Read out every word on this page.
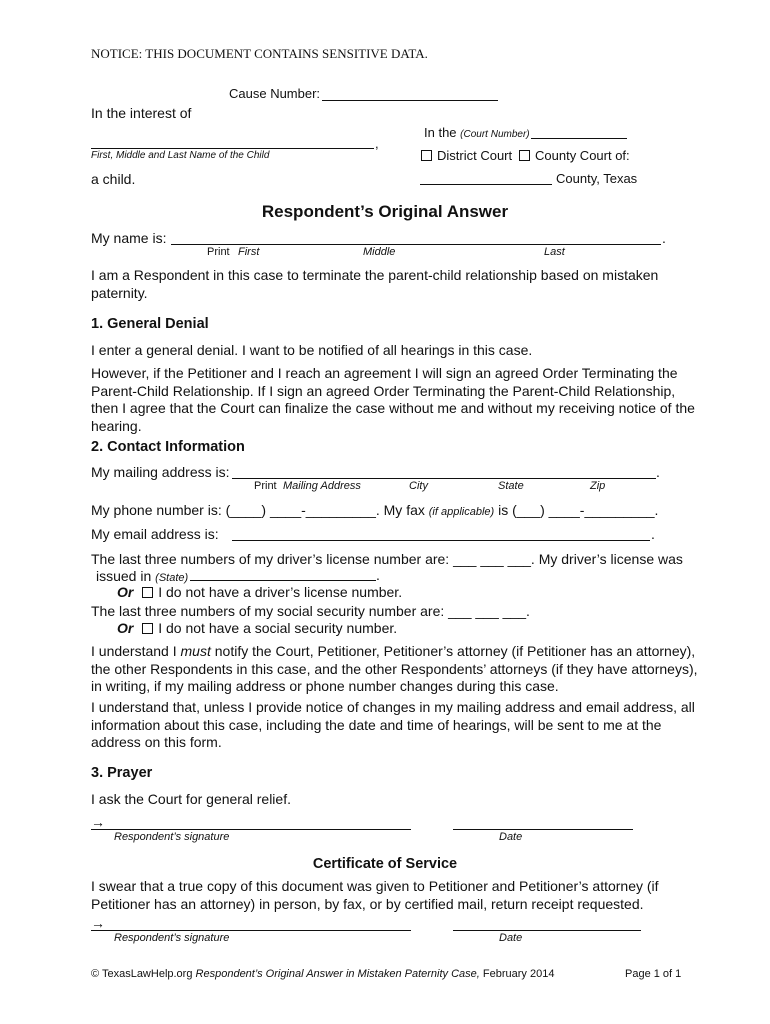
NOTICE: THIS DOCUMENT CONTAINS SENSITIVE DATA.
Cause Number:
In the interest of
In the (Court Number)
,
First, Middle and Last Name of the Child	District Court	County Court of:
a child.	County, Texas
Respondent’s Original Answer
My name is:	.
Print First	Middle	Last
I am a Respondent in this case to terminate the parent-child relationship based on mistaken paternity.
1. General Denial
I enter a general denial. I want to be notified of all hearings in this case.
However, if the Petitioner and I reach an agreement I will sign an agreed Order Terminating the Parent-Child Relationship. If I sign an agreed Order Terminating the Parent-Child Relationship, then I agree that the Court can finalize the case without me and without my receiving notice of the hearing.
2. Contact Information
My mailing address is:	.
Print Mailing Address	City	State	Zip
My phone number is: (____) ____-_________. My fax (if applicable) is (___) ____-_________.
My email address is:	.
The last three numbers of my driver’s license number are: ___ ___ ___. My driver’s license was
issued in (State)	.
Or I do not have a driver’s license number.
The last three numbers of my social security number are: ___ ___ ___.
Or I do not have a social security number.
I understand I must notify the Court, Petitioner, Petitioner’s attorney (if Petitioner has an attorney), the other Respondents in this case, and the other Respondents’ attorneys (if they have attorneys), in writing, if my mailing address or phone number changes during this case.
I understand that, unless I provide notice of changes in my mailing address and email address, all information about this case, including the date and time of hearings, will be sent to me at the address on this form.
3. Prayer
I ask the Court for general relief.
→
Respondent’s signature	Date
Certificate of Service
I swear that a true copy of this document was given to Petitioner and Petitioner’s attorney (if Petitioner has an attorney) in person, by fax, or by certified mail, return receipt requested.
→
Respondent’s signature	Date
© TexasLawHelp.org Respondent’s Original Answer in Mistaken Paternity Case, February 2014	Page 1 of 1
